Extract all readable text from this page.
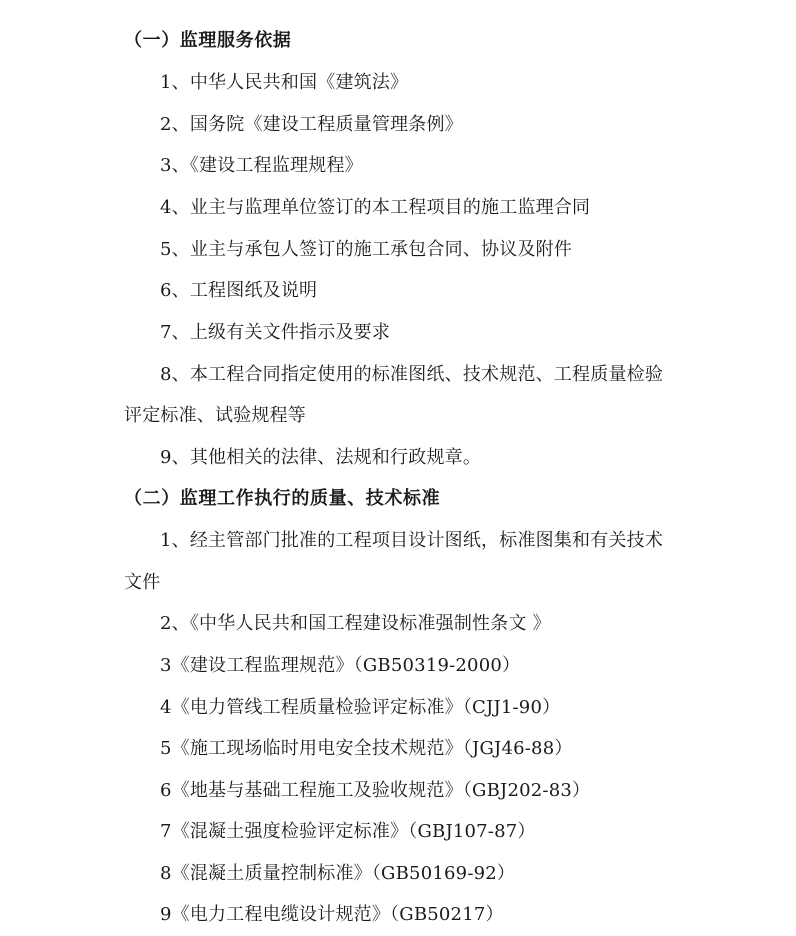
（一）监理服务依据
1、中华人民共和国《建筑法》
2、国务院《建设工程质量管理条例》
3、《建设工程监理规程》
4、业主与监理单位签订的本工程项目的施工监理合同
5、业主与承包人签订的施工承包合同、协议及附件
6、工程图纸及说明
7、上级有关文件指示及要求
8、本工程合同指定使用的标准图纸、技术规范、工程质量检验
评定标准、试验规程等
9、其他相关的法律、法规和行政规章。
（二）监理工作执行的质量、技术标准
1、经主管部门批准的工程项目设计图纸，标准图集和有关技术
文件
2、《中华人民共和国工程建设标准强制性条文 》
3《建设工程监理规范》（GB50319-2000）
4《电力管线工程质量检验评定标准》（CJJ1-90）
5《施工现场临时用电安全技术规范》（JGJ46-88）
6《地基与基础工程施工及验收规范》（GBJ202-83）
7《混凝土强度检验评定标准》（GBJ107-87）
8《混凝土质量控制标准》（GB50169-92）
9《电力工程电缆设计规范》（GB50217）
